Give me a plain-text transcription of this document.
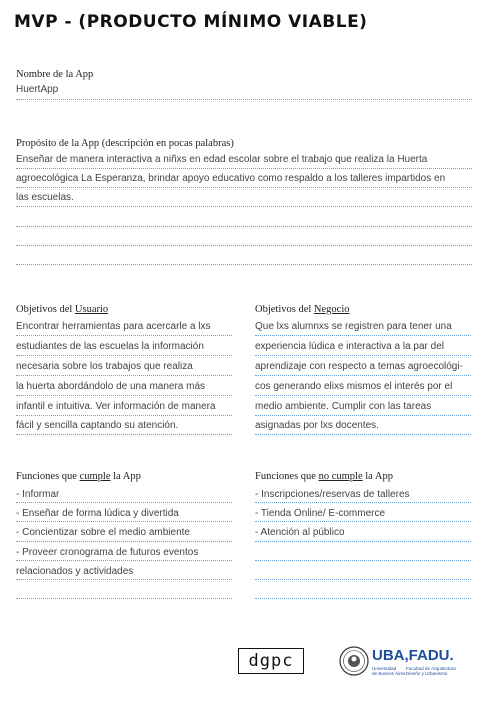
MVP - (PRODUCTO MÍNIMO VIABLE)
Nombre de la App
HuertApp
Propósito de la App (descripción en pocas palabras)
Enseñar de manera interactiva a niñxs en edad escolar sobre el trabajo que realiza la Huerta
agroecológica La Esperanza, brindar apoyo educativo como respaldo a los talleres impartidos en
las escuelas.
Objetivos del Usuario
Encontrar herramientas para acercarle a lxs
estudiantes de las escuelas la información
necesaria sobre los trabajos que realiza
la huerta abordándolo de una manera más
infantil e intuitiva. Ver información de manera
fácil y sencilla captando su atención.
Objetivos del Negocio
Que lxs alumnxs se registren para tener una
experiencia lúdica e interactiva a la par del
aprendizaje con respecto a temas agroecológi-
cos generando elixs mismos el interés por el
medio ambiente. Cumplir con las tareas
asignadas por lxs docentes.
Funciones que cumple la App
- Informar
- Enseñar de forma lúdica y divertida
- Concientizar sobre el medio ambiente
- Proveer cronograma de futuros eventos
relacionados y actividades
Funciones que no cumple la App
- Inscripciones/reservas de talleres
- Tienda Online/ E-commerce
- Atención al público
dgpc	UBA,FADU.
Universidad
de Buenos Aires
Facultad de Arquitectura
Diseño y Urbanismo
